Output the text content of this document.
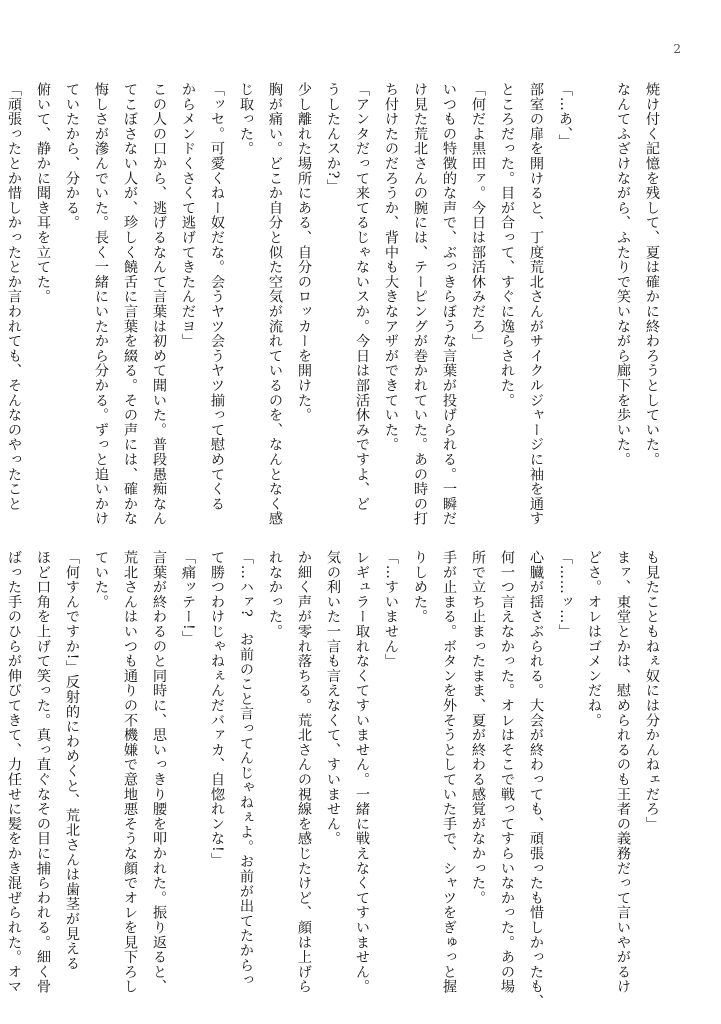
2
焼け付く記憶を残して、夏は確かに終わろうとしていた。
なんてふざけながら、ふたりで笑いながら廊下を歩いた。

「…あ、」
部室の扉を開けると、丁度荒北さんがサイクルジャージに袖を通す
ところだった。目が合って、すぐに逸らされた。
「何だよ黒田ァ。今日は部活休みだろ」
いつもの特徴的な声で、ぶっきらぼうな言葉が投げられる。一瞬だ
け見た荒北さんの腕には、テーピングが巻かれていた。あの時の打
ち付けたのだろうか、背中も大きなアザができていた。
「アンタだって来てるじゃないスか。今日は部活休みですよ、ど
うしたんスか?」
少し離れた場所にある、自分のロッカーを開けた。
胸が痛い。どこか自分と似た空気が流れているのを、なんとなく感
じ取った。
「ッセ。可愛くねー奴だな。会うヤツ会うヤツ揃って慰めてくる
からメンドくさくて逃げてきたんだヨ」
この人の口から、逃げるなんて言葉は初めて聞いた。普段愚痴なん
てこぼさない人が、珍しく饒舌に言葉を綴る。その声には、確かな
悔しさが滲んでいた。長く一緒にいたから分かる。ずっと追いかけ
ていたから、分かる。
俯いて、静かに聞き耳を立てた。
「頑張ったとか惜しかったとか言われても、そんなのやったこと
も見たこともねぇ奴には分かんねェだろ」
まァ、東堂とかは、慰められるのも王者の義務だって言いやがるけ
どさ。オレはゴメンだね。
「……ッ…」
心臓が揺さぶられる。大会が終わっても、頑張ったも惜しかったも、
何一つ言えなかった。オレはそこで戦ってすらいなかった。あの場
所で立ち止まったまま、夏が終わる感覚がなかった。
手が止まる。ボタンを外そうとしていた手で、シャツをぎゅっと握
りしめた。
「…すいません」
レギュラー取れなくてすいません。一緒に戦えなくてすいません。
気の利いた一言も言えなくて、すいません。
か細く声が零れ落ちる。荒北さんの視線を感じたけど、顔は上げら
れなかった。
「…ハァ?　お前のこと言ってんじゃねぇよ。お前が出てたからっ
て勝つわけじゃねぇんだバァカ、自惚れンな!」
「痛ッテー!」
言葉が終わるのと同時に、思いっきり腰を叩かれた。振り返ると、
荒北さんはいつも通りの不機嫌で意地悪そうな顔でオレを見下ろし
ていた。
「何すんですか!」反射的にわめくと、荒北さんは歯茎が見える
ほど口角を上げて笑った。真っ直ぐなその目に捕らわれる。細く骨
ばった手のひらが伸びてきて、力任せに髪をかき混ぜられた。オマ
